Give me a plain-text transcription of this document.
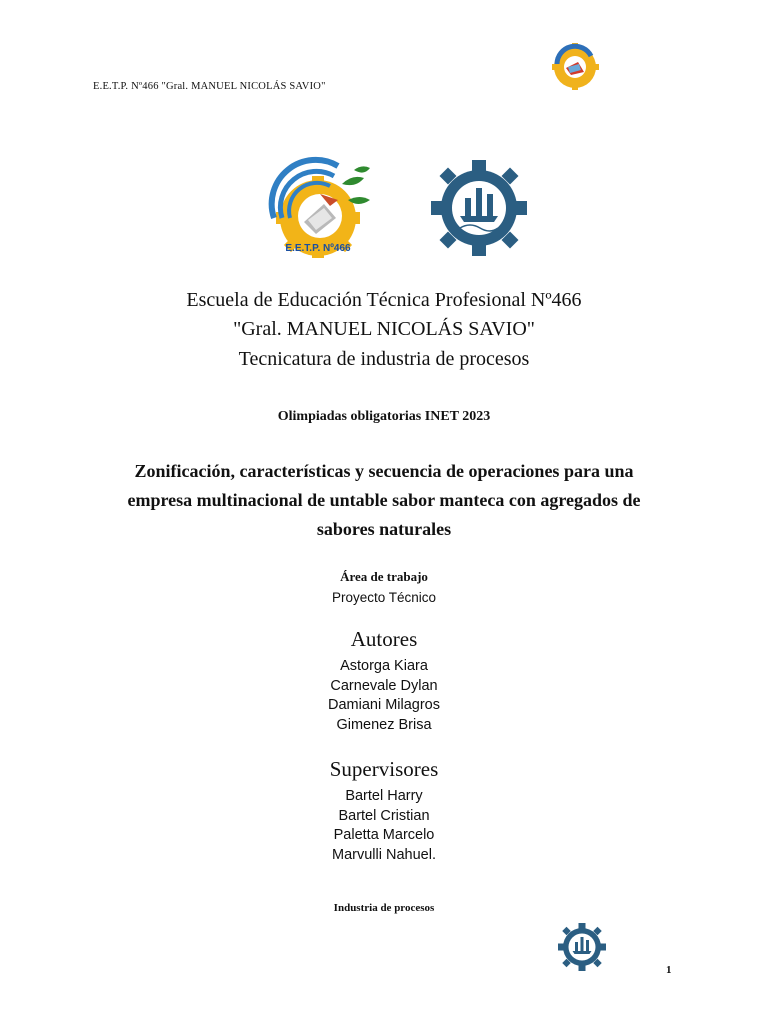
E.E.T.P. Nº466 "Gral. MANUEL NICOLÁS SAVIO"
E.E.T.P. Nº466
Escuela de Educación Técnica Profesional Nº466
"Gral. MANUEL NICOLÁS SAVIO"
Tecnicatura de industria de procesos
Olimpiadas obligatorias INET 2023
Zonificación, características y secuencia de operaciones para una
empresa multinacional de untable sabor manteca con agregados de
sabores naturales
Área de trabajo
Proyecto Técnico
Autores
Astorga Kiara
Carnevale Dylan
Damiani Milagros
Gimenez Brisa
Supervisores
Bartel Harry
Bartel Cristian
Paletta Marcelo
Marvulli Nahuel.
Industria de procesos
1
